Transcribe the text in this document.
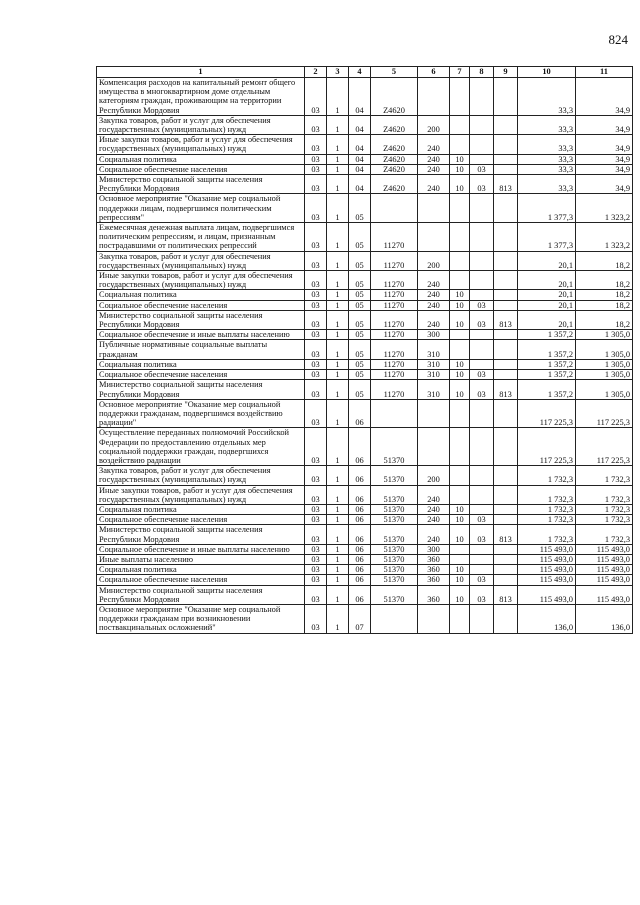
824
1	2	3	4	5	6	7	8	9	10	11
Компенсация расходов на капитальный ремонт общего имущества в многоквартирном доме отдельным категориям граждан, проживающим на территории Республики Мордовия	03	1	04	Z4620					33,3	34,9
Закупка товаров, работ и услуг для обеспечения государственных (муниципальных) нужд	03	1	04	Z4620	200				33,3	34,9
Иные закупки товаров, работ и услуг для обеспечения государственных (муниципальных) нужд	03	1	04	Z4620	240				33,3	34,9
Социальная политика	03	1	04	Z4620	240	10			33,3	34,9
Социальное обеспечение населения	03	1	04	Z4620	240	10	03		33,3	34,9
Министерство социальной защиты населения Республики Мордовия	03	1	04	Z4620	240	10	03	813	33,3	34,9
Основное мероприятие "Оказание мер социальной поддержки лицам, подвергшимся политическим репрессиям"	03	1	05						1 377,3	1 323,2
Ежемесячная денежная выплата лицам, подвергшимся политическим репрессиям, и лицам, признанным пострадавшими от политических репрессий	03	1	05	11270					1 377,3	1 323,2
Закупка товаров, работ и услуг для обеспечения государственных (муниципальных) нужд	03	1	05	11270	200				20,1	18,2
Иные закупки товаров, работ и услуг для обеспечения государственных (муниципальных) нужд	03	1	05	11270	240				20,1	18,2
Социальная политика	03	1	05	11270	240	10			20,1	18,2
Социальное обеспечение населения	03	1	05	11270	240	10	03		20,1	18,2
Министерство социальной защиты населения Республики Мордовия	03	1	05	11270	240	10	03	813	20,1	18,2
Социальное обеспечение и иные выплаты населению	03	1	05	11270	300				1 357,2	1 305,0
Публичные нормативные социальные выплаты гражданам	03	1	05	11270	310				1 357,2	1 305,0
Социальная политика	03	1	05	11270	310	10			1 357,2	1 305,0
Социальное обеспечение населения	03	1	05	11270	310	10	03		1 357,2	1 305,0
Министерство социальной защиты населения Республики Мордовия	03	1	05	11270	310	10	03	813	1 357,2	1 305,0
Основное мероприятие "Оказание мер социальной поддержки гражданам, подвергшимся воздействию радиации"	03	1	06						117 225,3	117 225,3
Осуществление переданных полномочий Российской Федерации по предоставлению отдельных мер социальной поддержки граждан, подвергшихся воздействию радиации	03	1	06	51370					117 225,3	117 225,3
Закупка товаров, работ и услуг для обеспечения государственных (муниципальных) нужд	03	1	06	51370	200				1 732,3	1 732,3
Иные закупки товаров, работ и услуг для обеспечения государственных (муниципальных) нужд	03	1	06	51370	240				1 732,3	1 732,3
Социальная политика	03	1	06	51370	240	10			1 732,3	1 732,3
Социальное обеспечение населения	03	1	06	51370	240	10	03		1 732,3	1 732,3
Министерство социальной защиты населения Республики Мордовия	03	1	06	51370	240	10	03	813	1 732,3	1 732,3
Социальное обеспечение и иные выплаты населению	03	1	06	51370	300				115 493,0	115 493,0
Иные выплаты населению	03	1	06	51370	360				115 493,0	115 493,0
Социальная политика	03	1	06	51370	360	10			115 493,0	115 493,0
Социальное обеспечение населения	03	1	06	51370	360	10	03		115 493,0	115 493,0
Министерство социальной защиты населения Республики Мордовия	03	1	06	51370	360	10	03	813	115 493,0	115 493,0
Основное мероприятие "Оказание мер социальной поддержки гражданам при возникновении поствакцинальных осложнений"	03	1	07						136,0	136,0
